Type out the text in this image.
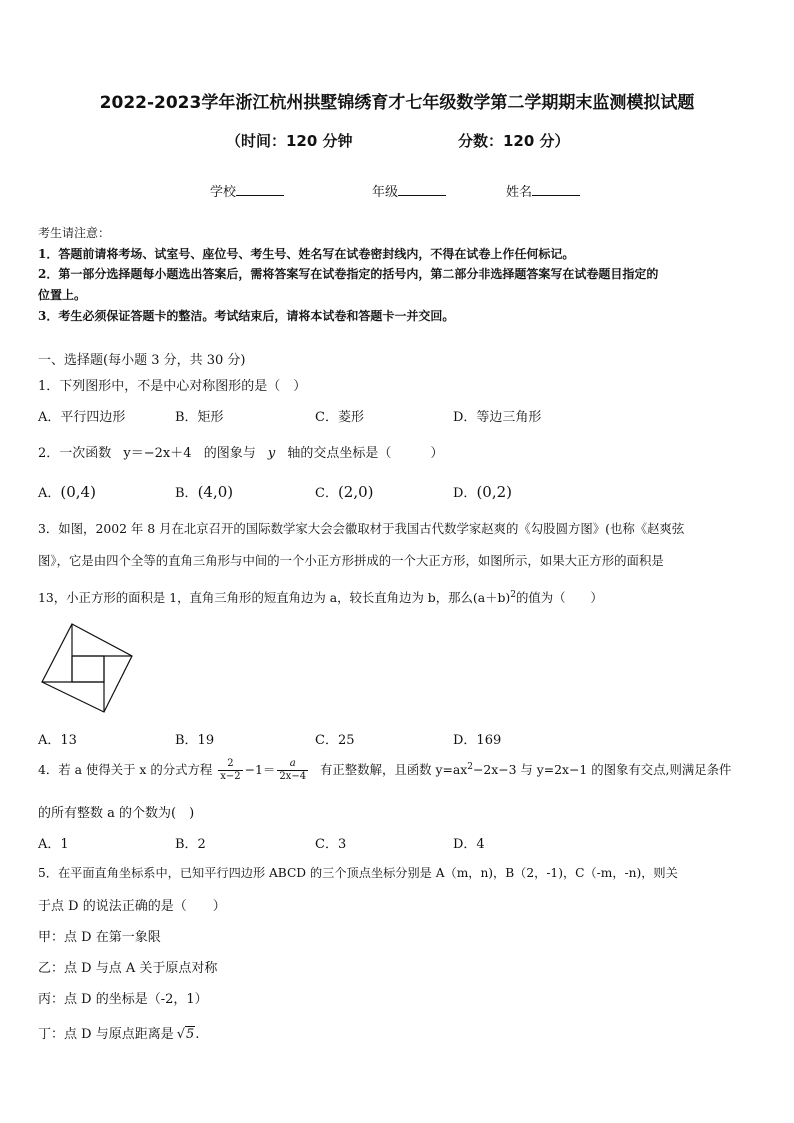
2022-2023学年浙江杭州拱墅锦绣育才七年级数学第二学期期末监测模拟试题
（时间：120 分钟	分数：120 分）
学校	年级	姓名
考生请注意：
1．答题前请将考场、试室号、座位号、考生号、姓名写在试卷密封线内，不得在试卷上作任何标记。
2．第一部分选择题每小题选出答案后，需将答案写在试卷指定的括号内，第二部分非选择题答案写在试卷题目指定的
位置上。
3．考生必须保证答题卡的整洁。考试结束后，请将本试卷和答题卡一并交回。
一、选择题(每小题 3 分，共 30 分)
1．下列图形中，不是中心对称图形的是（　）
A．平行四边形	B．矩形	C．菱形	D．等边三角形
2．一次函数 y＝−2x＋4 的图象与 y 轴的交点坐标是（　　　）
A．(0,4)	B．(4,0)	C．(2,0)	D．(0,2)
3．如图，2002 年 8 月在北京召开的国际数学家大会会徽取材于我国古代数学家赵爽的《勾股圆方图》(也称《赵爽弦
图》，它是由四个全等的直角三角形与中间的一个小正方形拼成的一个大正方形，如图所示，如果大正方形的面积是
13，小正方形的面积是 1，直角三角形的短直角边为 a，较长直角边为 b，那么$(a+b)^2$的值为（　　）
A．13	B．19	C．25	D．169
4．若 a 使得关于 x 的分式方程 $\frac{2}{x-2} -1= \frac{a}{2x-4}$ 有正整数解，且函数 $y=ax^2-2x-3$ 与 y=2x−1 的图象有交点,则满足条件
的所有整数 a 的个数为(　)
A．1	B．2	C．3	D．4
5．在平面直角坐标系中，已知平行四边形 ABCD 的三个顶点坐标分别是 A（m，n)，B（2，-1)，C（-m，-n)，则关
于点 D 的说法正确的是（　　）
甲：点 D 在第一象限
乙：点 D 与点 A 关于原点对称
丙：点 D 的坐标是（-2，1）
丁：点 D 与原点距离是 √5.
